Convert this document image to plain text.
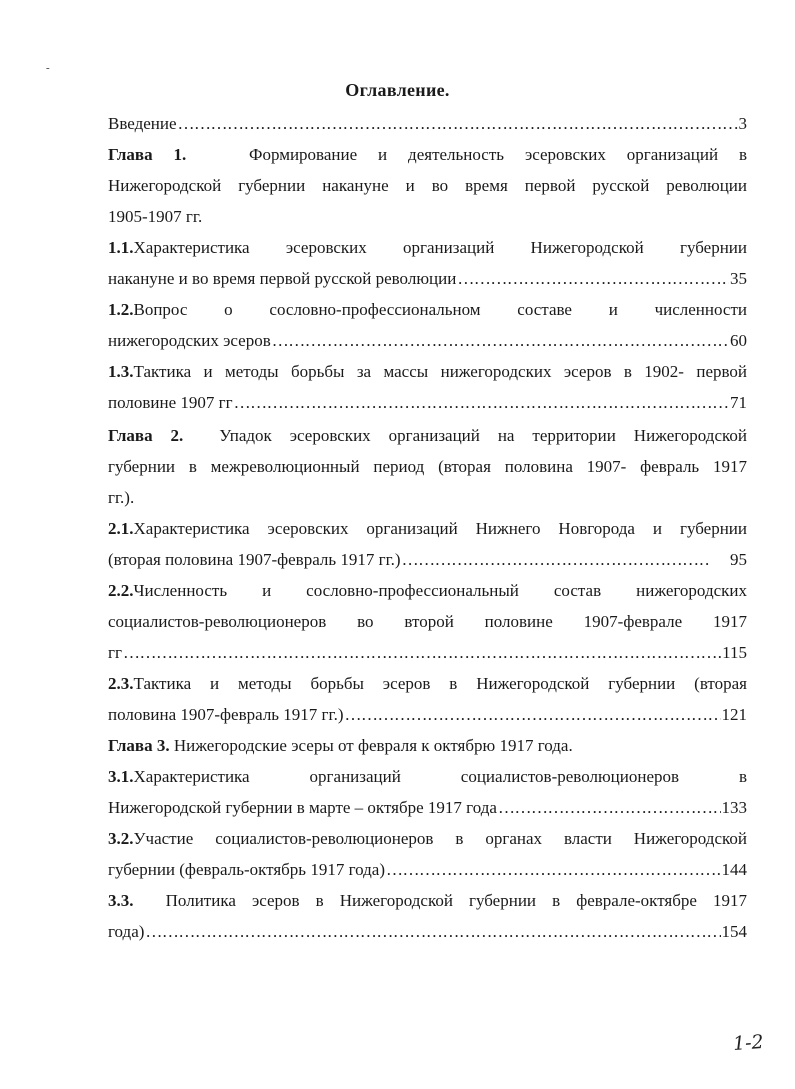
-
Оглавление.
Введение ……………………………………………………………………………………………………………………………………………………………	3
Глава 1.	Формирование и деятельность эсеровских организаций в
Нижегородской губернии накануне и во время первой русской революции
1905-1907 гг.
1.1.Характеристика эсеровских организаций Нижегородской губернии
накануне и во время первой русской революции ……………………………………………………………………………………………………………………………………………………………	35
1.2.Вопрос о сословно-профессиональном составе и численности
нижегородских эсеров ……………………………………………………………………………………………………………………………………………………………	60
1.3.Тактика и методы борьбы за массы нижегородских эсеров в 1902- первой
половине 1907 гг ……………………………………………………………………………………………………………………………………………………………	71
Глава 2. Упадок эсеровских организаций на территории Нижегородской
губернии в межреволюционный период (вторая половина 1907- февраль 1917
гг.).
2.1.Характеристика эсеровских организаций Нижнего Новгорода и губернии
(вторая половина 1907-февраль 1917 гг.) ……………………………………………………………………………………………………………………………………………………………	95
2.2.Численность и сословно-профессиональный состав нижегородских
социалистов-революционеров во второй половине 1907-феврале 1917
гг ……………………………………………………………………………………………………………………………………………………………	115
2.3.Тактика и методы борьбы эсеров в Нижегородской губернии (вторая
половина 1907-февраль 1917 гг.) ……………………………………………………………………………………………………………………………………………………………	121
Глава 3. Нижегородские эсеры от февраля к октябрю 1917 года.
3.1.Характеристика организаций социалистов-революционеров в
Нижегородской губернии в марте – октябре 1917 года ……………………………………………………………………………………………………………………………………………………………	133
3.2.Участие социалистов-революционеров в органах власти Нижегородской
губернии (февраль-октябрь 1917 года) ……………………………………………………………………………………………………………………………………………………………	144
3.3. Политика эсеров в Нижегородской губернии в феврале-октябре 1917
года) ……………………………………………………………………………………………………………………………………………………………	154
1-2
